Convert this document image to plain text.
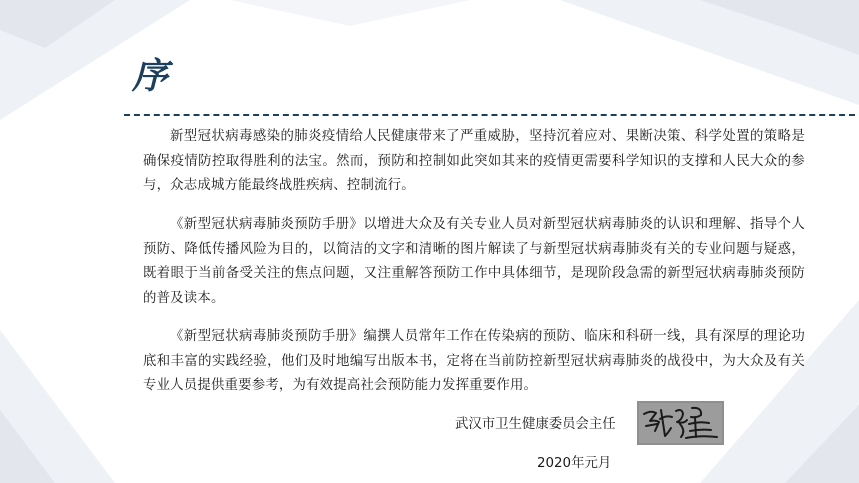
序

新型冠状病毒感染的肺炎疫情给人民健康带来了严重威胁，坚持沉着应对、果断决策、科学处置的策略是确保疫情防控取得胜利的法宝。然而，预防和控制如此突如其来的疫情更需要科学知识的支撑和人民大众的参与，众志成城方能最终战胜疾病、控制流行。

《新型冠状病毒肺炎预防手册》以增进大众及有关专业人员对新型冠状病毒肺炎的认识和理解、指导个人预防、降低传播风险为目的，以简洁的文字和清晰的图片解读了与新型冠状病毒肺炎有关的专业问题与疑惑，既着眼于当前备受关注的焦点问题，又注重解答预防工作中具体细节，是现阶段急需的新型冠状病毒肺炎预防的普及读本。

《新型冠状病毒肺炎预防手册》编撰人员常年工作在传染病的预防、临床和科研一线，具有深厚的理论功底和丰富的实践经验，他们及时地编写出版本书，定将在当前防控新型冠状病毒肺炎的战役中，为大众及有关专业人员提供重要参考，为有效提高社会预防能力发挥重要作用。

武汉市卫生健康委员会主任
2020年元月
